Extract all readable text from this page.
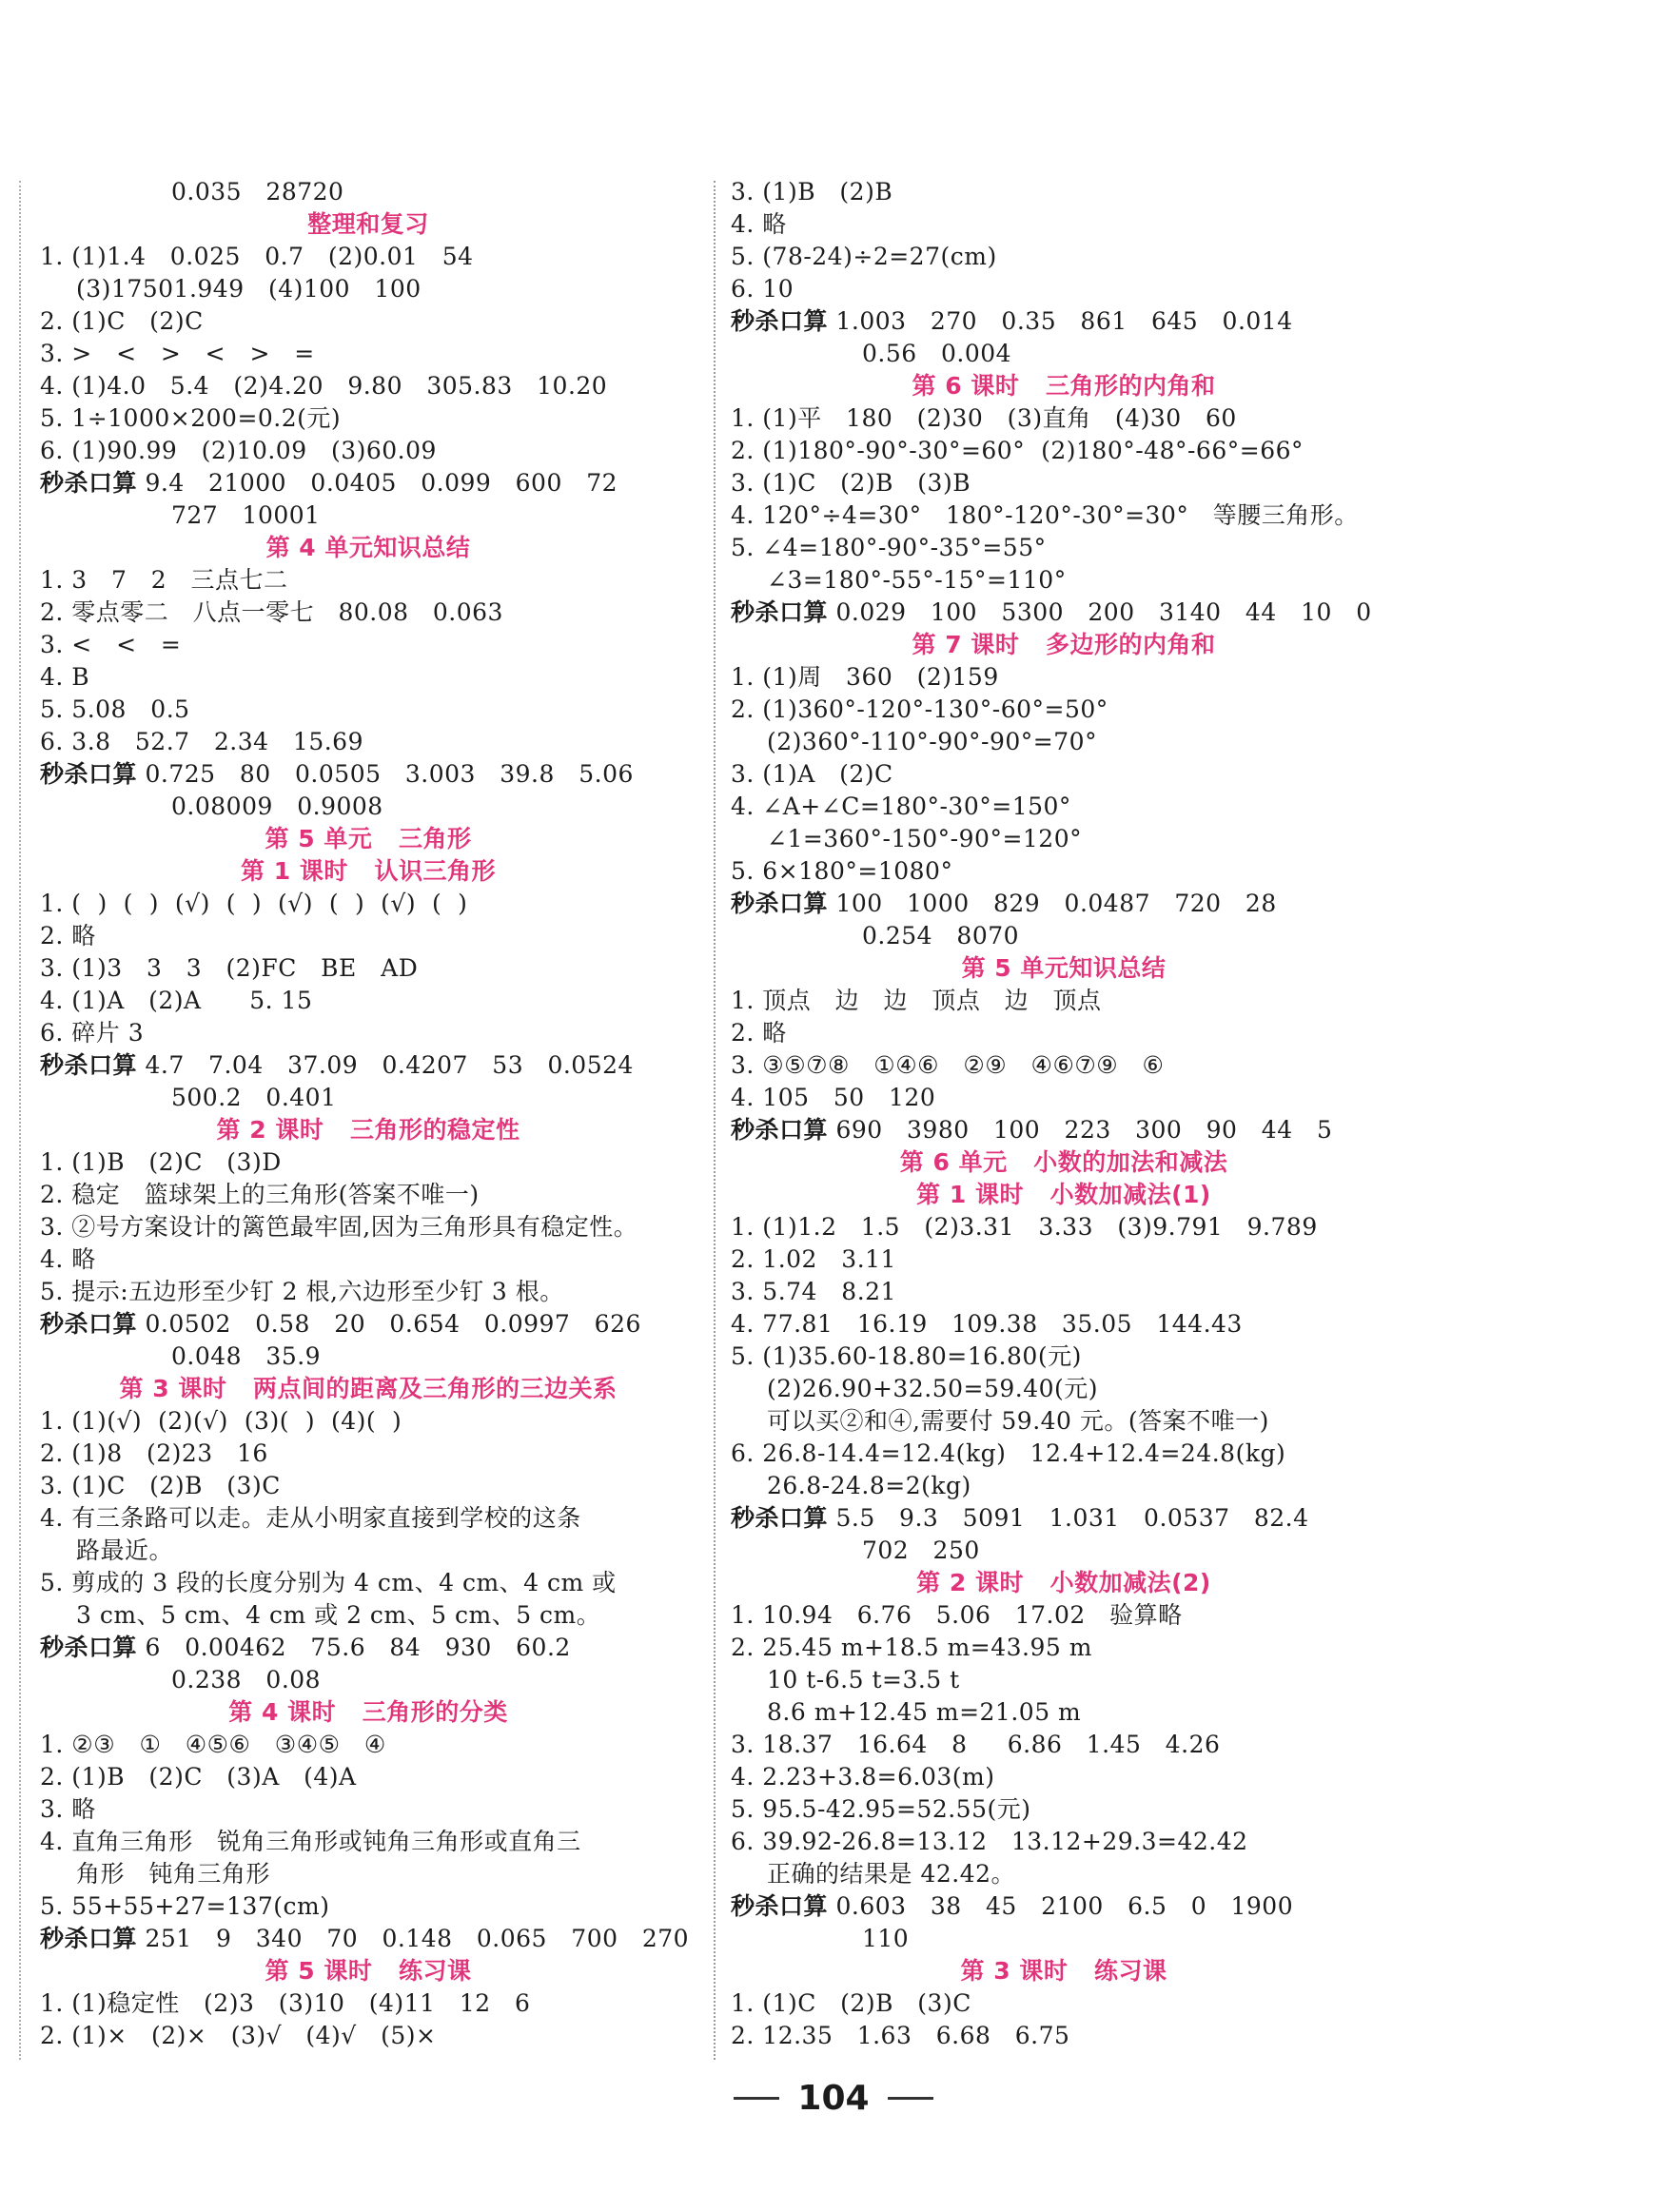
0.035   28720
整理和复习
1. (1)1.4   0.025   0.7   (2)0.01   54
(3)17501.949   (4)100   100
2. (1)C   (2)C
3. >   <   >   <   >   =
4. (1)4.0   5.4   (2)4.20   9.80   305.83   10.20
5. 1÷1000×200=0.2(元)
6. (1)90.99   (2)10.09   (3)60.09
秒杀口算 9.4   21000   0.0405   0.099   600   72
727   10001
第 4 单元知识总结
1. 3   7   2   三点七二
2. 零点零二   八点一零七   80.08   0.063
3. <   <   =
4. B
5. 5.08   0.5
6. 3.8   52.7   2.34   15.69
秒杀口算 0.725   80   0.0505   3.003   39.8   5.06
0.08009   0.9008
第 5 单元   三角形
第 1 课时   认识三角形
1. (  )  (  )  (√)  (  )  (√)  (  )  (√)  (  )
2. 略
3. (1)3   3   3   (2)FC   BE   AD
4. (1)A   (2)A      5. 15
6. 碎片 3
秒杀口算 4.7   7.04   37.09   0.4207   53   0.0524
500.2   0.401
第 2 课时   三角形的稳定性
1. (1)B   (2)C   (3)D
2. 稳定   篮球架上的三角形(答案不唯一)
3. ②号方案设计的篱笆最牢固,因为三角形具有稳定性。
4. 略
5. 提示:五边形至少钉 2 根,六边形至少钉 3 根。
秒杀口算 0.0502   0.58   20   0.654   0.0997   626
0.048   35.9
第 3 课时   两点间的距离及三角形的三边关系
1. (1)(√)  (2)(√)  (3)(  )  (4)(  )
2. (1)8   (2)23   16
3. (1)C   (2)B   (3)C
4. 有三条路可以走。走从小明家直接到学校的这条
路最近。
5. 剪成的 3 段的长度分别为 4 cm、4 cm、4 cm 或
3 cm、5 cm、4 cm 或 2 cm、5 cm、5 cm。
秒杀口算 6   0.00462   75.6   84   930   60.2
0.238   0.08
第 4 课时   三角形的分类
1. ②③   ①   ④⑤⑥   ③④⑤   ④
2. (1)B   (2)C   (3)A   (4)A
3. 略
4. 直角三角形   锐角三角形或钝角三角形或直角三
角形   钝角三角形
5. 55+55+27=137(cm)
秒杀口算 251   9   340   70   0.148   0.065   700   270
第 5 课时   练习课
1. (1)稳定性   (2)3   (3)10   (4)11   12   6
2. (1)×   (2)×   (3)√   (4)√   (5)×
3. (1)B   (2)B
4. 略
5. (78-24)÷2=27(cm)
6. 10
秒杀口算 1.003   270   0.35   861   645   0.014
0.56   0.004
第 6 课时   三角形的内角和
1. (1)平   180   (2)30   (3)直角   (4)30   60
2. (1)180°-90°-30°=60°  (2)180°-48°-66°=66°
3. (1)C   (2)B   (3)B
4. 120°÷4=30°   180°-120°-30°=30°   等腰三角形。
5. ∠4=180°-90°-35°=55°
∠3=180°-55°-15°=110°
秒杀口算 0.029   100   5300   200   3140   44   10   0
第 7 课时   多边形的内角和
1. (1)周   360   (2)159
2. (1)360°-120°-130°-60°=50°
(2)360°-110°-90°-90°=70°
3. (1)A   (2)C
4. ∠A+∠C=180°-30°=150°
∠1=360°-150°-90°=120°
5. 6×180°=1080°
秒杀口算 100   1000   829   0.0487   720   28
0.254   8070
第 5 单元知识总结
1. 顶点   边   边   顶点   边   顶点
2. 略
3. ③⑤⑦⑧   ①④⑥   ②⑨   ④⑥⑦⑨   ⑥
4. 105   50   120
秒杀口算 690   3980   100   223   300   90   44   5
第 6 单元   小数的加法和减法
第 1 课时   小数加减法(1)
1. (1)1.2   1.5   (2)3.31   3.33   (3)9.791   9.789
2. 1.02   3.11
3. 5.74   8.21
4. 77.81   16.19   109.38   35.05   144.43
5. (1)35.60-18.80=16.80(元)
(2)26.90+32.50=59.40(元)
可以买②和④,需要付 59.40 元。(答案不唯一)
6. 26.8-14.4=12.4(kg)   12.4+12.4=24.8(kg)
26.8-24.8=2(kg)
秒杀口算 5.5   9.3   5091   1.031   0.0537   82.4
702   250
第 2 课时   小数加减法(2)
1. 10.94   6.76   5.06   17.02   验算略
2. 25.45 m+18.5 m=43.95 m
10 t-6.5 t=3.5 t
8.6 m+12.45 m=21.05 m
3. 18.37   16.64   8     6.86   1.45   4.26
4. 2.23+3.8=6.03(m)
5. 95.5-42.95=52.55(元)
6. 39.92-26.8=13.12   13.12+29.3=42.42
正确的结果是 42.42。
秒杀口算 0.603   38   45   2100   6.5   0   1900
110
第 3 课时   练习课
1. (1)C   (2)B   (3)C
2. 12.35   1.63   6.68   6.75
104
